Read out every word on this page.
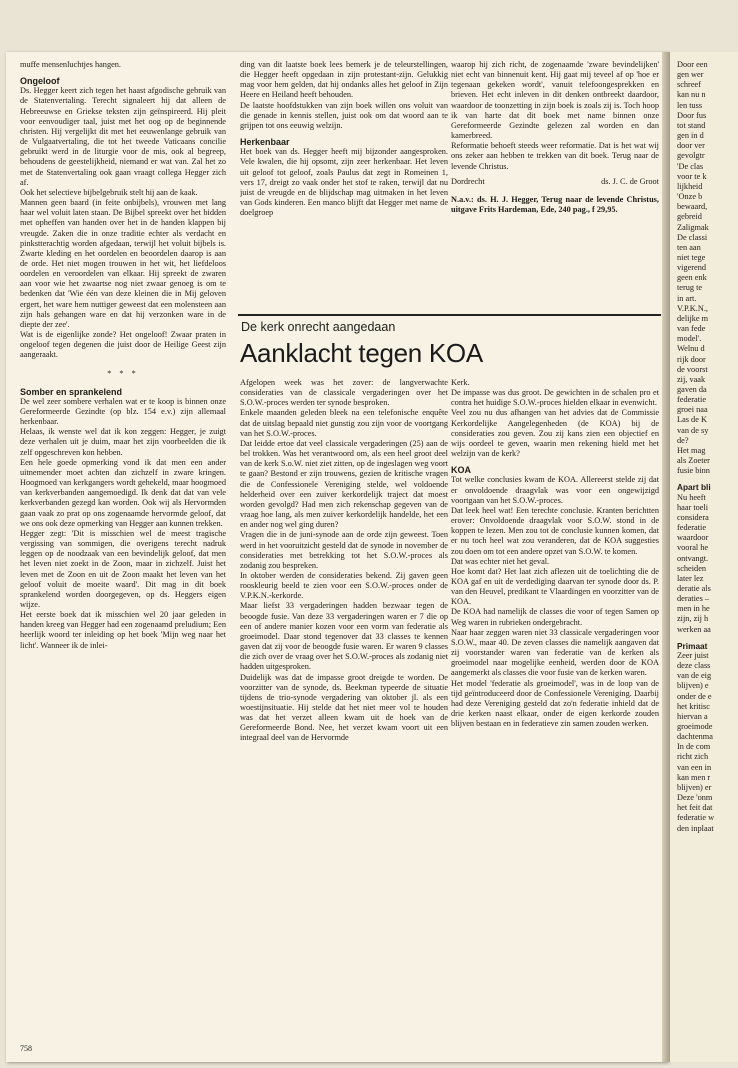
muffe mensenluchtjes hangen.

Ongeloof

Ds. Hegger keert zich tegen het haast afgodische gebruik van de Statenvertaling. Terecht signaleert hij dat alleen de Hebreeuwse en Griekse teksten zijn geïnspireerd. Hij pleit voor eenvoudiger taal, juist met het oog op de beginnende christen. Hij vergelijkt dit met het eeuwenlange gebruik van de Vulgaatvertaling, die tot het tweede Vaticaans concilie gebruikt werd in de liturgie voor de mis, ook al begreep, behoudens de geestelijkheid, niemand er wat van. Zal het zo met de Statenvertaling ook gaan vraagt collega Hegger zich af.

Ook het selectieve bijbelgebruik stelt hij aan de kaak.

Mannen geen baard (in feite onbijbels), vrouwen met lang haar wel voluit laten staan. De Bijbel spreekt over het bidden met opheffen van handen over het in de handen klappen bij vreugde. Zaken die in onze traditie echter als verdacht en pinkstterachtig worden afgedaan, terwijl het voluit bijbels is. Zwarte kleding en het oordelen en beoordelen daarop is aan de orde. Het niet mogen trouwen in het wit, het liefdeloos oordelen en veroordelen van elkaar. Hij spreekt de zwaren aan voor wie het zwaartse nog niet zwaar genoeg is om te bedenken dat 'Wie één van deze kleinen die in Mij geloven ergert, het ware hem nuttiger geweest dat een molensteen aan zijn hals gehangen ware en dat hij verzonken ware in de diepte der zee'.

Wat is de eigenlijke zonde? Het ongeloof! Zwaar praten in ongeloof tegen degenen die juist door de Heilige Geest zijn aangeraakt.

* * *

Somber en sprankelend

De wel zeer sombere verhalen wat er te koop is binnen onze Gereformeerde Gezindte (op blz. 154 e.v.) zijn allemaal herkenbaar.

Helaas, ik wenste wel dat ik kon zeggen: Hegger, je zuigt deze verhalen uit je duim, maar het zijn voorbeelden die ik zelf opgeschreven kon hebben.

Een hele goede opmerking vond ik dat men een ander uitnemender moet achten dan zichzelf in zware kringen. Hoogmoed van kerkgangers wordt gehekeld, maar hoogmoed van kerkverbanden aangemoedigd. Ik denk dat dat van vele kerkverbanden gezegd kan worden. Ook wij als Hervormden gaan vaak zo prat op ons zogenaamde hervormde geloof, dat we ons ook deze opmerking van Hegger aan kunnen trekken.

Hegger zegt: 'Dit is misschien wel de meest tragische vergissing van sommigen, die overigens terecht nadruk leggen op de noodzaak van een bevindelijk geloof, dat men het leven niet zoekt in de Zoon, maar in zichzelf. Juist het leven met de Zoon en uit de Zoon maakt het leven van het geloof voluit de moeite waard'. Dit mag in dit boek sprankelend worden doorgegeven, op ds. Heggers eigen wijze.

Het eerste boek dat ik misschien wel 20 jaar geleden in handen kreeg van Hegger had een zogenaamd preludium; Een heerlijk woord ter inleiding op het boek 'Mijn weg naar het licht'. Wanneer ik de inlei-

ding van dit laatste boek lees bemerk je de teleurstellingen, die Hegger heeft opgedaan in zijn protestant-zijn. Gelukkig mag voor hem gelden, dat hij ondanks alles het geloof in Zijn Heere en Heiland heeft behouden.

De laatste hoofdstukken van zijn boek willen ons voluit van die genade in kennis stellen, juist ook om dat woord aan te grijpen tot ons eeuwig welzijn.

Herkenbaar

Het boek van ds. Hegger heeft mij bijzonder aangesproken. Vele kwalen, die hij opsomt, zijn zeer herkenbaar. Het leven uit geloof tot geloof, zoals Paulus dat zegt in Romeinen 1, vers 17, dreigt zo vaak onder het stof te raken, terwijl dat nu juist de vreugde en de blijdschap mag uitmaken in het leven van Gods kinderen. Een manco blijft dat Hegger met name de doelgroep

waarop hij zich richt, de zogenaamde 'zware bevindelijken' niet echt van binnenuit kent. Hij gaat mij teveel af op 'hoe er tegenaan gekeken wordt', vanuit telefoongesprekken en brieven. Het echt inleven in dit denken ontbreekt daardoor, waardoor de toonzetting in zijn boek is zoals zij is. Toch hoop ik van harte dat dit boek met name binnen onze Gereformeerde Gezindte gelezen zal worden en dan kamerbreed.

Reformatie behoeft steeds weer reformatie. Dat is het wat wij ons zeker aan hebben te trekken van dit boek. Terug naar de levende Christus.

Dordrecht	ds. J. C. de Groot

N.a.v.: ds. H. J. Hegger, Terug naar de levende Christus, uitgave Frits Hardeman, Ede, 240 pag., f 29,95.

De kerk onrecht aangedaan
Aanklacht tegen KOA

Afgelopen week was het zover: de langverwachte consideraties van de classicale vergaderingen over het S.O.W.-proces werden ter synode besproken.

Enkele maanden geleden bleek na een telefonische enquête dat de uitslag bepaald niet gunstig zou zijn voor de voortgang van het S.O.W.-proces.

Dat leidde ertoe dat veel classicale vergaderingen (25) aan de bel trokken. Was het verantwoord om, als een heel groot deel van de kerk S.o.W. niet ziet zitten, op de ingeslagen weg voort te gaan? Bestond er zijn trouwens, gezien de kritische vragen die de Confessionele Vereniging stelde, wel voldoende helderheid over een zuiver kerkordelijk traject dat moest worden gevolgd? Had men zich rekenschap gegeven van de vraag hoe lang, als men zuiver kerkordelijk handelde, het een en ander nog wel ging duren?

Vragen die in de juni-synode aan de orde zijn geweest. Toen werd in het vooruitzicht gesteld dat de synode in november de consideraties met betrekking tot het S.O.W.-proces als zodanig zou bespreken.

In oktober werden de consideraties bekend. Zij gaven geen rooskleurig beeld te zien voor een S.O.W.-proces onder de V.P.K.N.-kerkorde.

Maar liefst 33 vergaderingen hadden bezwaar tegen de beoogde fusie. Van deze 33 vergaderingen waren er 7 die op een of andere manier kozen voor een vorm van federatie als groeimodel. Daar stond tegenover dat 33 classes te kennen gaven dat zij voor de beoogde fusie waren. Er waren 9 classes die zich over de vraag over het S.O.W.-proces als zodanig niet hadden uitgesproken.

Duidelijk was dat de impasse groot dreigde te worden. De voorzitter van de synode, ds. Beekman typeerde de situatie tijdens de trio-synode vergadering van oktober jl. als een woestijnsituatie. Hij stelde dat het niet meer vol te houden was dat het verzet alleen kwam uit de hoek van de Gereformeerde Bond. Nee, het verzet kwam voort uit een integraal deel van de Hervormde

Kerk.

De impasse was dus groot. De gewichten in de schalen pro et contra het huidige S.O.W.-proces hielden elkaar in evenwicht.

Veel zou nu dus afhangen van het advies dat de Commissie Kerkordelijke Aangelegenheden (de KOA) bij de consideraties zou geven. Zou zij kans zien een objectief en wijs oordeel te geven, waarin men rekening hield met het welzijn van de kerk?

KOA

Tot welke conclusies kwam de KOA. Allereerst stelde zij dat er onvoldoende draagvlak was voor een ongewijzigd voortgaan van het S.O.W.-proces.

Dat leek heel wat! Een terechte conclusie. Kranten berichtten erover: Onvoldoende draagvlak voor S.O.W. stond in de koppen te lezen. Men zou tot de conclusie kunnen komen, dat er nu toch heel wat zou veranderen, dat de KOA suggesties zou doen om tot een andere opzet van S.O.W. te komen.

Dat was echter niet het geval.

Hoe komt dat? Het laat zich aflezen uit de toelichting die de KOA gaf en uit de verdediging daarvan ter synode door ds. P. van den Heuvel, predikant te Vlaardingen en voorzitter van de KOA.

De KOA had namelijk de classes die voor of tegen Samen op Weg waren in rubrieken ondergebracht.

Naar haar zeggen waren niet 33 classicale vergaderingen voor S.O.W., maar 40. De zeven classes die namelijk aangaven dat zij voorstander waren van federatie van de kerken als groeimodel naar mogelijke eenheid, werden door de KOA aangemerkt als classes die voor fusie van de kerken waren.

Het model 'federatie als groeimodel', was in de loop van de tijd geïntroduceerd door de Confessionele Vereniging. Daarbij had deze Vereniging gesteld dat zo'n federatie inhield dat de drie kerken naast elkaar, onder de eigen kerkorde zouden blijven bestaan en in federatieve zin samen zouden werken.

Door een
gen wer
schreef
kan nu n
len tuss
Door fus
tot stand
gen in d
door ver
gevolgtr
'De clas
voor te k
lijkheid
'Onze b
bewaard,
gebreid
Zaligmak
De classi
ten aan
niet tege
vigerend
geen enk
terug te
in art.
V.P.K.N.,
delijke m
van fede
model'.
Welnu d
rijk door
de voorst
zij, vaak
gaven da
federatie
groei naa
Las de K
van de sy
de?
Het mag
als Zoeter
fusie binn
Apart bli
Nu heeft
haar toeli
considera
federatie
waardoor
vooral he
ontvangt.
scheiden
later lez
deratie als
deraties –
men in he
zijn, zij h
werken aa
Primaat
Zeer juist
deze class
van de eig
blijven) e
onder de e
het kritisc
hiervan a
groeimode
dachtenma
In de com
richt zich
van een in
kan men r
blijven) er
Deze 'onm
het feit dat
federatie w
den inplaat
758
